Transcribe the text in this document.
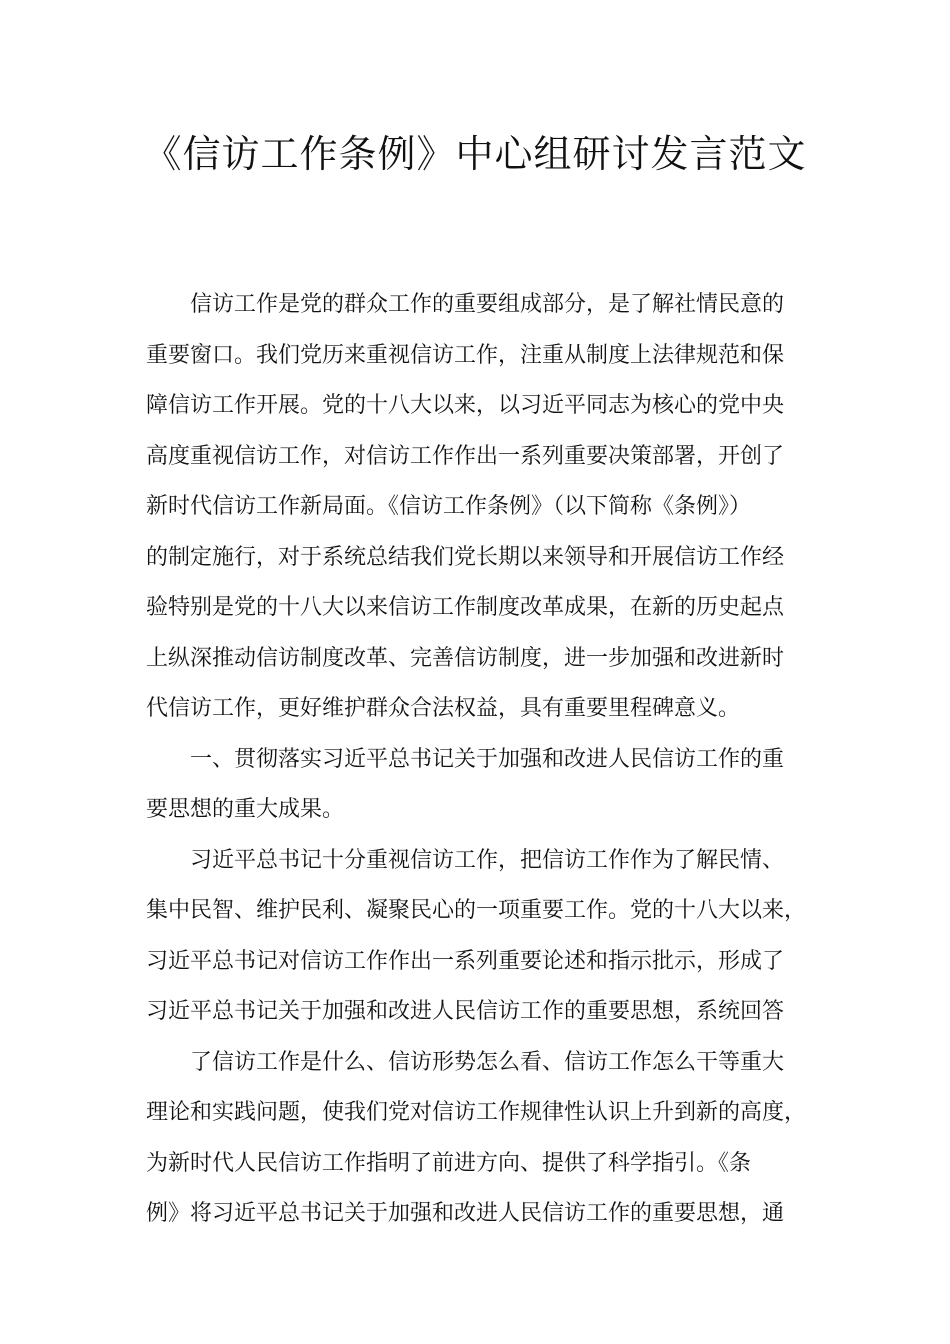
《信访工作条例》中心组研讨发言范文
信访工作是党的群众工作的重要组成部分，是了解社情民意的
重要窗口。我们党历来重视信访工作，注重从制度上法律规范和保
障信访工作开展。党的十八大以来，以习近平同志为核心的党中央
高度重视信访工作，对信访工作作出一系列重要决策部署，开创了
新时代信访工作新局面。《信访工作条例》（以下简称《条例》）
的制定施行，对于系统总结我们党长期以来领导和开展信访工作经
验特别是党的十八大以来信访工作制度改革成果，在新的历史起点
上纵深推动信访制度改革、完善信访制度，进一步加强和改进新时
代信访工作，更好维护群众合法权益，具有重要里程碑意义。
一、贯彻落实习近平总书记关于加强和改进人民信访工作的重
要思想的重大成果。
习近平总书记十分重视信访工作，把信访工作作为了解民情、
集中民智、维护民利、凝聚民心的一项重要工作。党的十八大以来，
习近平总书记对信访工作作出一系列重要论述和指示批示，形成了
习近平总书记关于加强和改进人民信访工作的重要思想，系统回答
了信访工作是什么、信访形势怎么看、信访工作怎么干等重大
理论和实践问题，使我们党对信访工作规律性认识上升到新的高度，
为新时代人民信访工作指明了前进方向、提供了科学指引。《条
例》将习近平总书记关于加强和改进人民信访工作的重要思想，通
